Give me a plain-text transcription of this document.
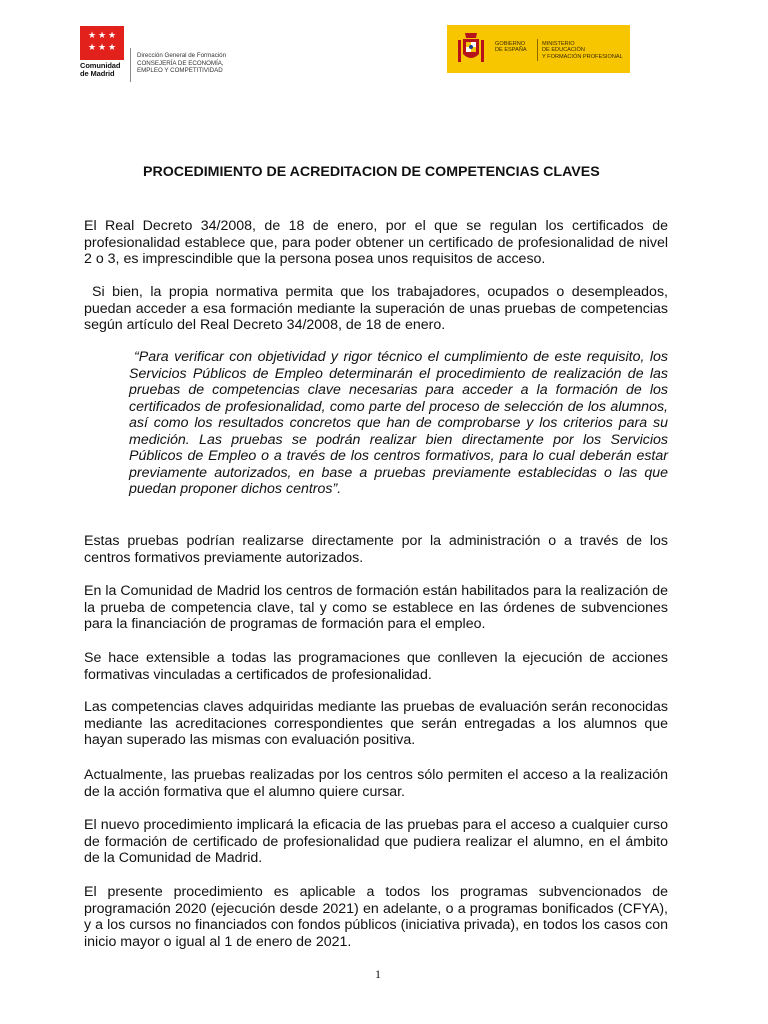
★ ★ ★
★ ★ ★
Comunidad
de Madrid
Dirección General de Formación
CONSEJERÍA DE ECONOMÍA,
EMPLEO Y COMPETITIVIDAD
GOBIERNO
DE ESPAÑA
MINISTERIO
DE EDUCACIÓN
Y FORMACIÓN PROFESIONAL
PROCEDIMIENTO DE ACREDITACION DE COMPETENCIAS CLAVES

El Real Decreto 34/2008, de 18 de enero, por el que se regulan los certificados de profesionalidad establece que, para poder obtener un certificado de profesionalidad de nivel 2 o 3, es imprescindible que la persona posea unos requisitos de acceso.

Si bien, la propia normativa permita que los trabajadores, ocupados o desempleados, puedan acceder a esa formación mediante la superación de unas pruebas de competencias según artículo del Real Decreto 34/2008, de 18 de enero.

“Para verificar con objetividad y rigor técnico el cumplimiento de este requisito, los Servicios Públicos de Empleo determinarán el procedimiento de realización de las pruebas de competencias clave necesarias para acceder a la formación de los certificados de profesionalidad, como parte del proceso de selección de los alumnos, así como los resultados concretos que han de comprobarse y los criterios para su medición. Las pruebas se podrán realizar bien directamente por los Servicios Públicos de Empleo o a través de los centros formativos, para lo cual deberán estar previamente autorizados, en base a pruebas previamente establecidas o las que puedan proponer dichos centros”.

Estas pruebas podrían realizarse directamente por la administración o a través de los centros formativos previamente autorizados.

En la Comunidad de Madrid los centros de formación están habilitados para la realización de la prueba de competencia clave, tal y como se establece en las órdenes de subvenciones para la financiación de programas de formación para el empleo.

Se hace extensible a todas las programaciones que conlleven la ejecución de acciones formativas vinculadas a certificados de profesionalidad.

Las competencias claves adquiridas mediante las pruebas de evaluación serán reconocidas mediante las acreditaciones correspondientes que serán entregadas a los alumnos que hayan superado las mismas con evaluación positiva.

Actualmente, las pruebas realizadas por los centros sólo permiten el acceso a la realización de la acción formativa que el alumno quiere cursar.

El nuevo procedimiento implicará la eficacia de las pruebas para el acceso a cualquier curso de formación de certificado de profesionalidad que pudiera realizar el alumno, en el ámbito de la Comunidad de Madrid.

El presente procedimiento es aplicable a todos los programas subvencionados de programación 2020 (ejecución desde 2021) en adelante, o a programas bonificados (CFYA), y a los cursos no financiados con fondos públicos (iniciativa privada), en todos los casos con inicio mayor o igual al 1 de enero de 2021.

1
